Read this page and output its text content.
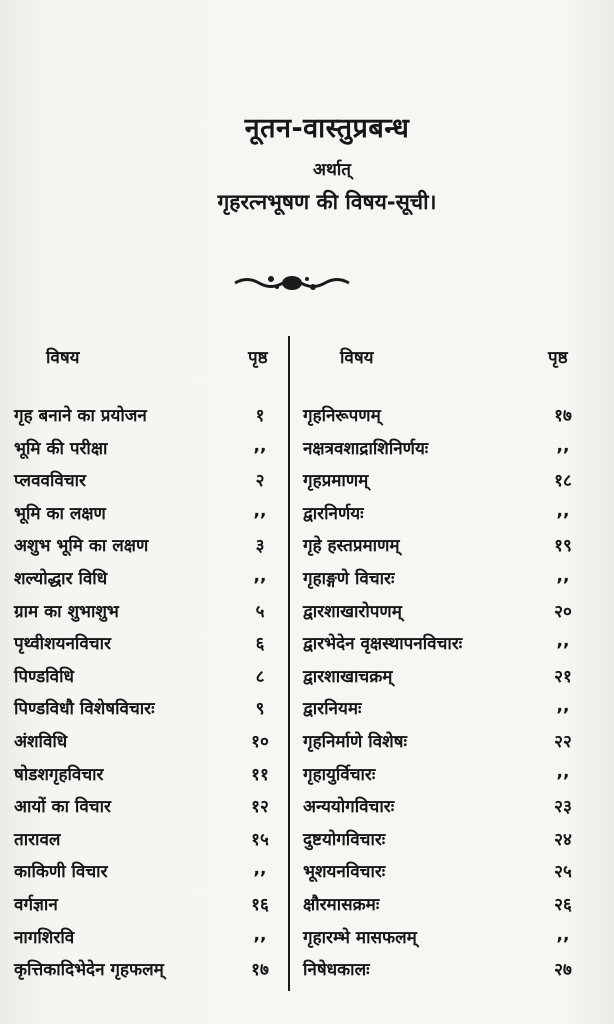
नूतन-वास्तुप्रबन्ध
अर्थात्
गृहरत्नभूषण की विषय-सूची।
विषय	पृष्ठ	विषय	पृष्ठ
गृह बनाने का प्रयोजन	१
भूमि की परीक्षा	,,
प्लववविचार	२
भूमि का लक्षण	,,
अशुभ भूमि का लक्षण	३
शल्योद्धार विधि	,,
ग्राम का शुभाशुभ	५
पृथ्वीशयनविचार	६
पिण्डविधि	८
पिण्डविधौ विशेषविचारः	९
अंशविधि	१०
षोडशगृहविचार	११
आयों का विचार	१२
तारावल	१५
काकिणी विचार	,,
वर्गज्ञान	१६
नागशिरवि	,,
कृत्तिकादिभेदेन गृहफलम्	१७
गृहनिरूपणम्	१७
नक्षत्रवशाद्राशिनिर्णयः	,,
गृहप्रमाणम्	१८
द्वारनिर्णयः	,,
गृहे हस्तप्रमाणम्	१९
गृहाङ्गणे विचारः	,,
द्वारशाखारोपणम्	२०
द्वारभेदेन वृक्षस्थापनविचारः	,,
द्वारशाखाचक्रम्	२१
द्वारनियमः	,,
गृहनिर्माणे विशेषः	२२
गृहायुर्विचारः	,,
अन्ययोगविचारः	२३
दुष्टयोगविचारः	२४
भूशयनविचारः	२५
क्षौरमासक्रमः	२६
गृहारम्भे मासफलम्	,,
निषेधकालः	२७
